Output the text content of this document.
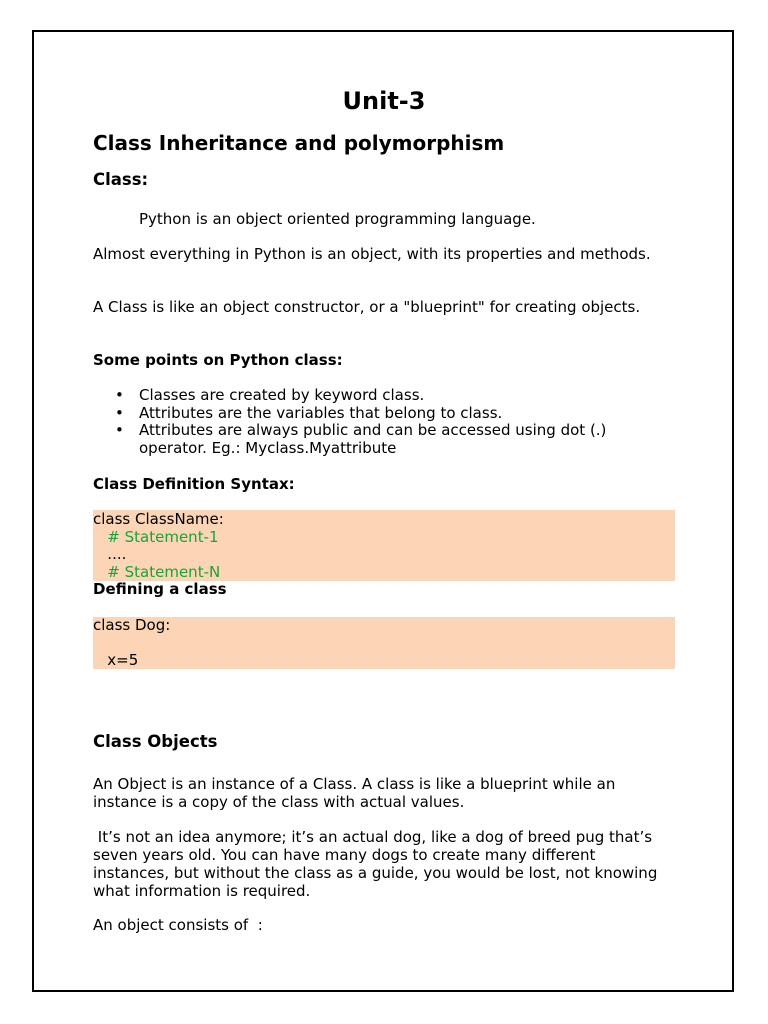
Unit-3
Class Inheritance and polymorphism
Class:

Python is an object oriented programming language.

Almost everything in Python is an object, with its properties and methods.

A Class is like an object constructor, or a "blueprint" for creating objects.

Some points on Python class:

• Classes are created by keyword class.
• Attributes are the variables that belong to class.
• Attributes are always public and can be accessed using dot (.) operator. Eg.: Myclass.Myattribute

Class Definition Syntax:

class ClassName:
# Statement-1
....
# Statement-N

Defining a class

class Dog:
x=5
Class Objects

An Object is an instance of a Class. A class is like a blueprint while an instance is a copy of the class with actual values.

It’s not an idea anymore; it’s an actual dog, like a dog of breed pug that’s seven years old. You can have many dogs to create many different instances, but without the class as a guide, you would be lost, not knowing what information is required.

An object consists of  :
